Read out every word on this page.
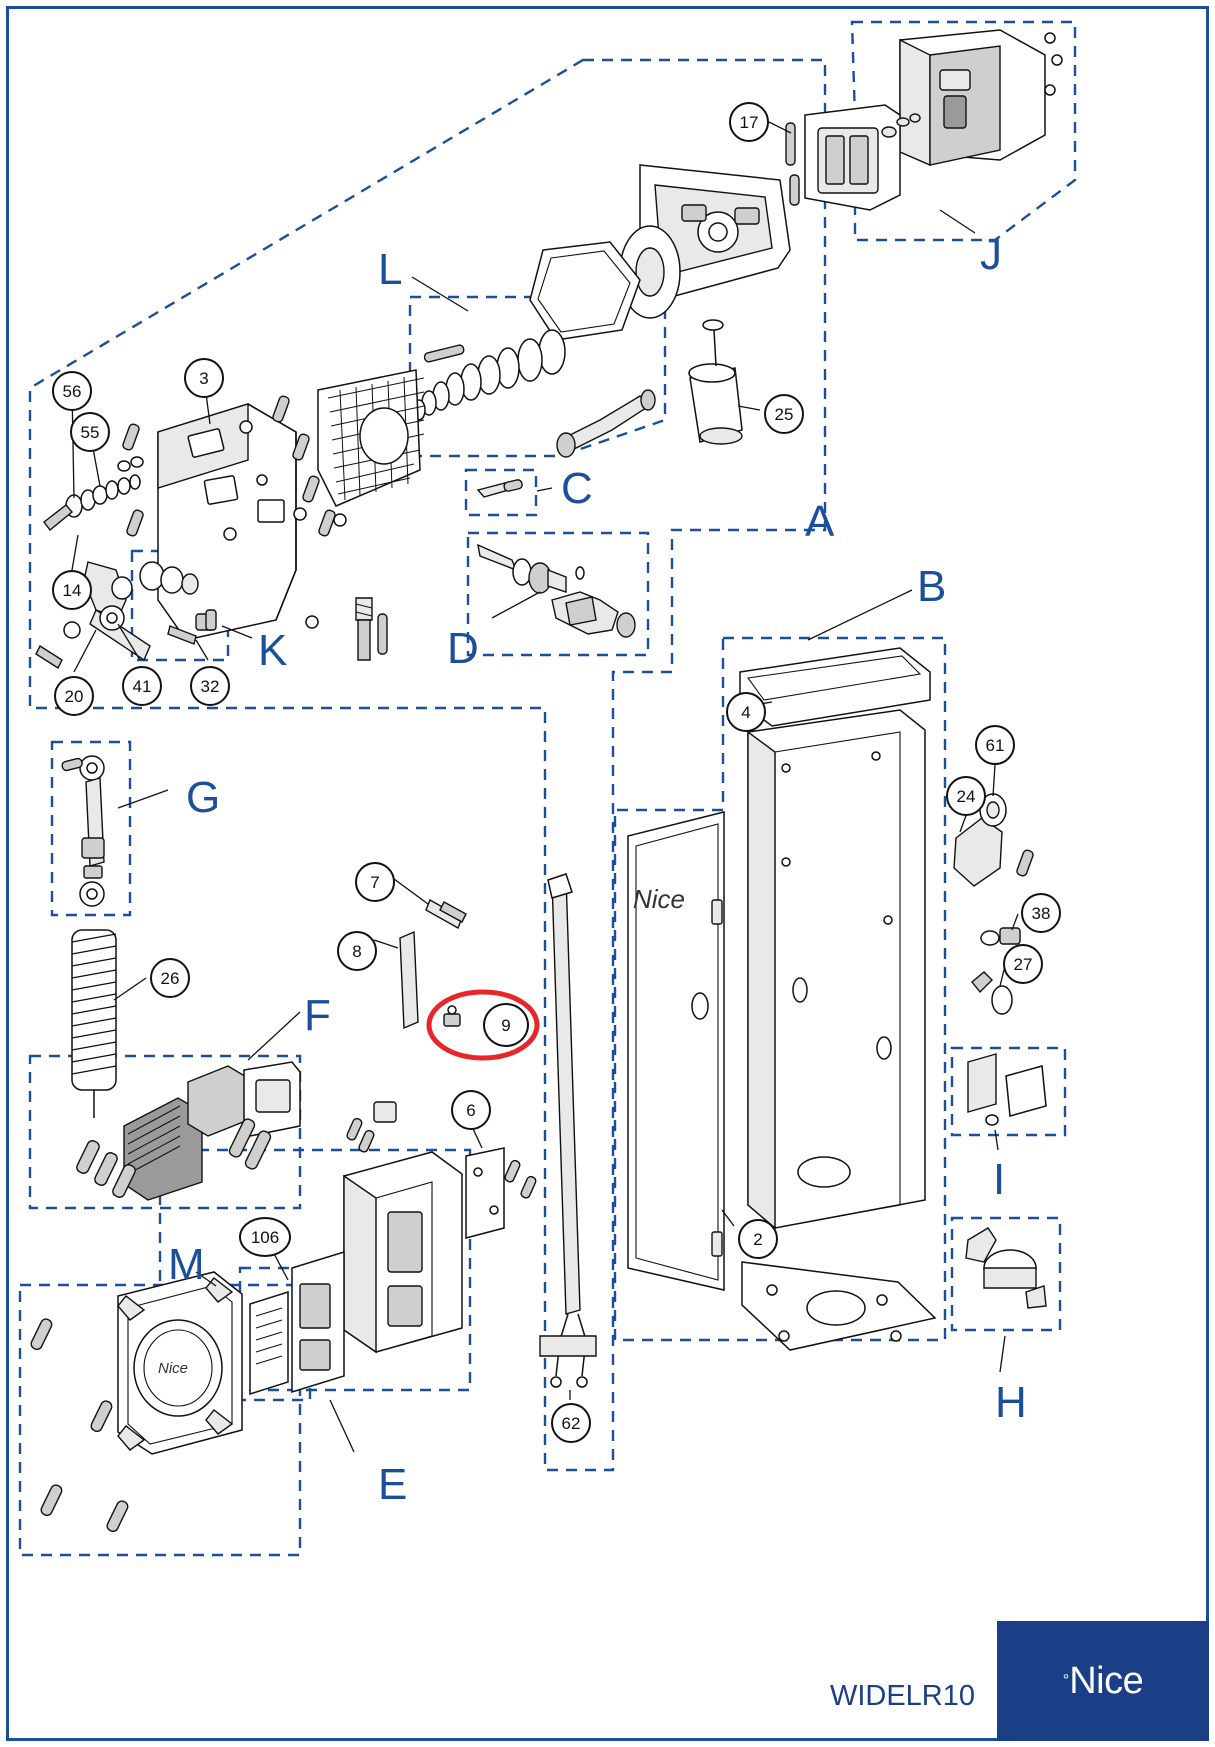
J
L
A
C
B
K	D
G
F
I
M
H
E
17
25
56
55
3
14
20
41	32
4
61
24
38
27
7
8
26
6
2
106
62
9
Nice
Nice
WIDELR10	° Nice
